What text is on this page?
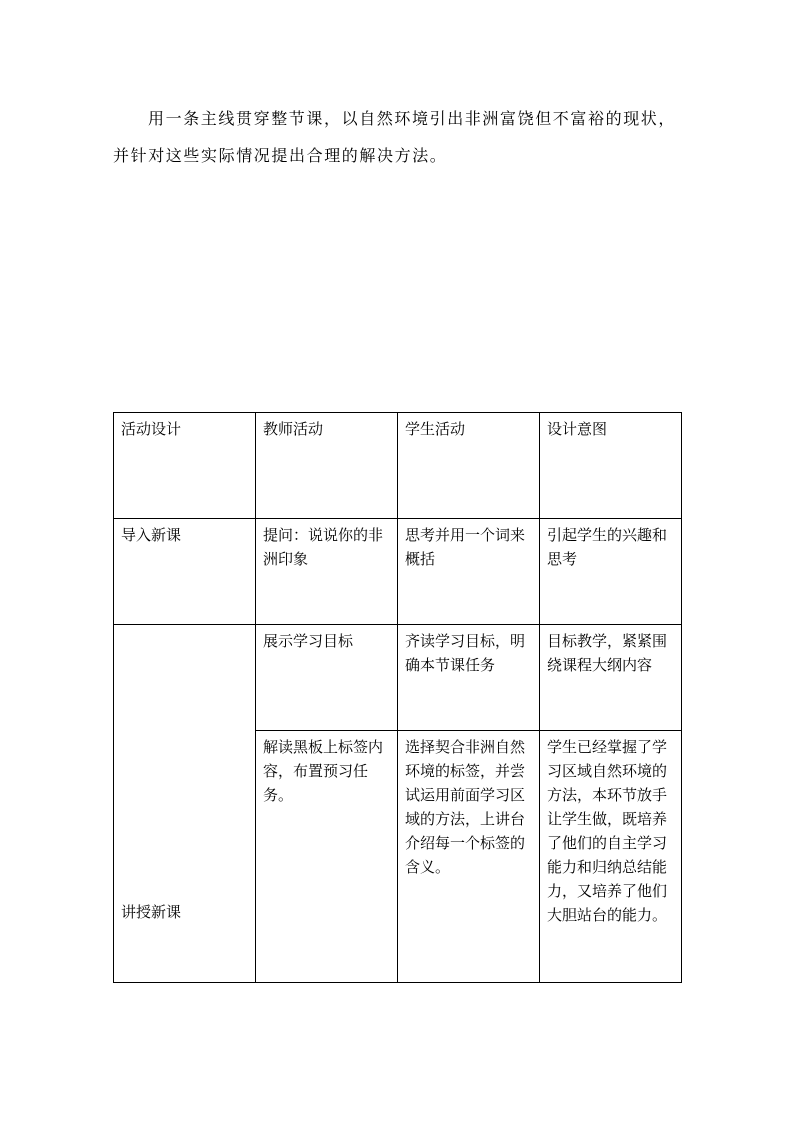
用一条主线贯穿整节课，以自然环境引出非洲富饶但不富裕的现状，并针对这些实际情况提出合理的解决方法。

活动设计	教师活动	学生活动	设计意图
导入新课	提问：说说你的非洲印象	思考并用一个词来概括	引起学生的兴趣和思考
讲授新课	展示学习目标	齐读学习目标，明确本节课任务	目标教学，紧紧围绕课程大纲内容
	解读黑板上标签内容，布置预习任务。	选择契合非洲自然环境的标签，并尝试运用前面学习区域的方法，上讲台介绍每一个标签的含义。	学生已经掌握了学习区域自然环境的方法，本环节放手让学生做，既培养了他们的自主学习能力和归纳总结能力，又培养了他们大胆站台的能力。
